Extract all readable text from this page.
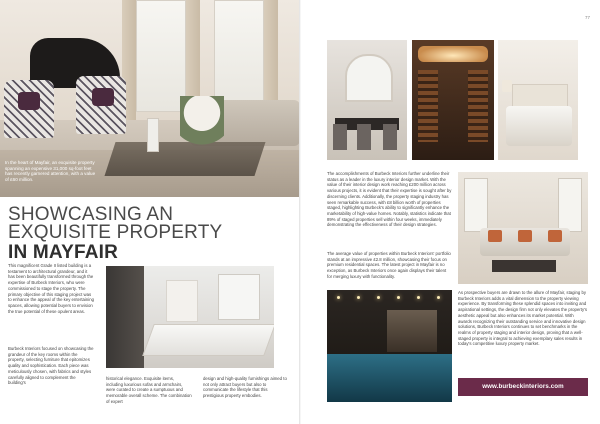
In the heart of Mayfair, an exquisite property spanning an expensive 31,000 sq-foot feet has recently garnered attention, with a value of £60 million.
SHOWCASING AN
EXQUISITE PROPERTY
IN MAYFAIR

This magnificent Grade II listed building is a testament to architectural grandeur, and it has been beautifully transformed through the expertise of Burbeck Interiors, who were commissioned to stage the property. The primary objective of this staging project was to enhance the appeal of the key entertaining spaces, allowing potential buyers to envision the true potential of these opulent areas.

Burbeck Interiors focused on showcasing the grandeur of the key rooms within the property, selecting furniture that epitomizes quality and sophistication. Each piece was meticulously chosen, with fabrics and styles carefully aligned to complement the building's

historical elegance. Exquisite items, including luxurious sofas and armchairs, were curated to create a sumptuous and memorable overall scheme. The combination of expert

design and high-quality furnishings aimed to not only attract buyers but also to communicate the lifestyle that this prestigious property embodies.

77

The accomplishments of Burbeck Interiors further underline their status as a leader in the luxury interior design market. With the value of their interior design work reaching £200 million across various projects, it is evident that their expertise is sought after by discerning clients. Additionally, the property staging industry has seen remarkable success, with £8 billion worth of properties staged, highlighting Burbeck's ability to significantly enhance the marketability of high-value homes. Notably, statistics indicate that 89% of staged properties sell within four weeks, immediately demonstrating the effectiveness of their design strategies.

The average value of properties within Burbeck Interiors' portfolio stands at an impressive £2.8 million, showcasing their focus on premium residential spaces. The latest project in Mayfair is no exception, as Burbeck Interiors once again displays their talent for merging luxury with functionality.

As prospective buyers are drawn to the allure of Mayfair, staging by Burbeck Interiors adds a vital dimension to the property viewing experience. By transforming these splendid spaces into inviting and aspirational settings, the design firm not only elevates the property's aesthetic appeal but also enhances its market potential. With awards recognizing their outstanding service and innovative design solutions, Burbeck Interiors continues to set benchmarks in the realms of property staging and interior design, proving that a well-staged property is integral to achieving exemplary sales results in today's competitive luxury property market.

www.burbeckinteriors.com
